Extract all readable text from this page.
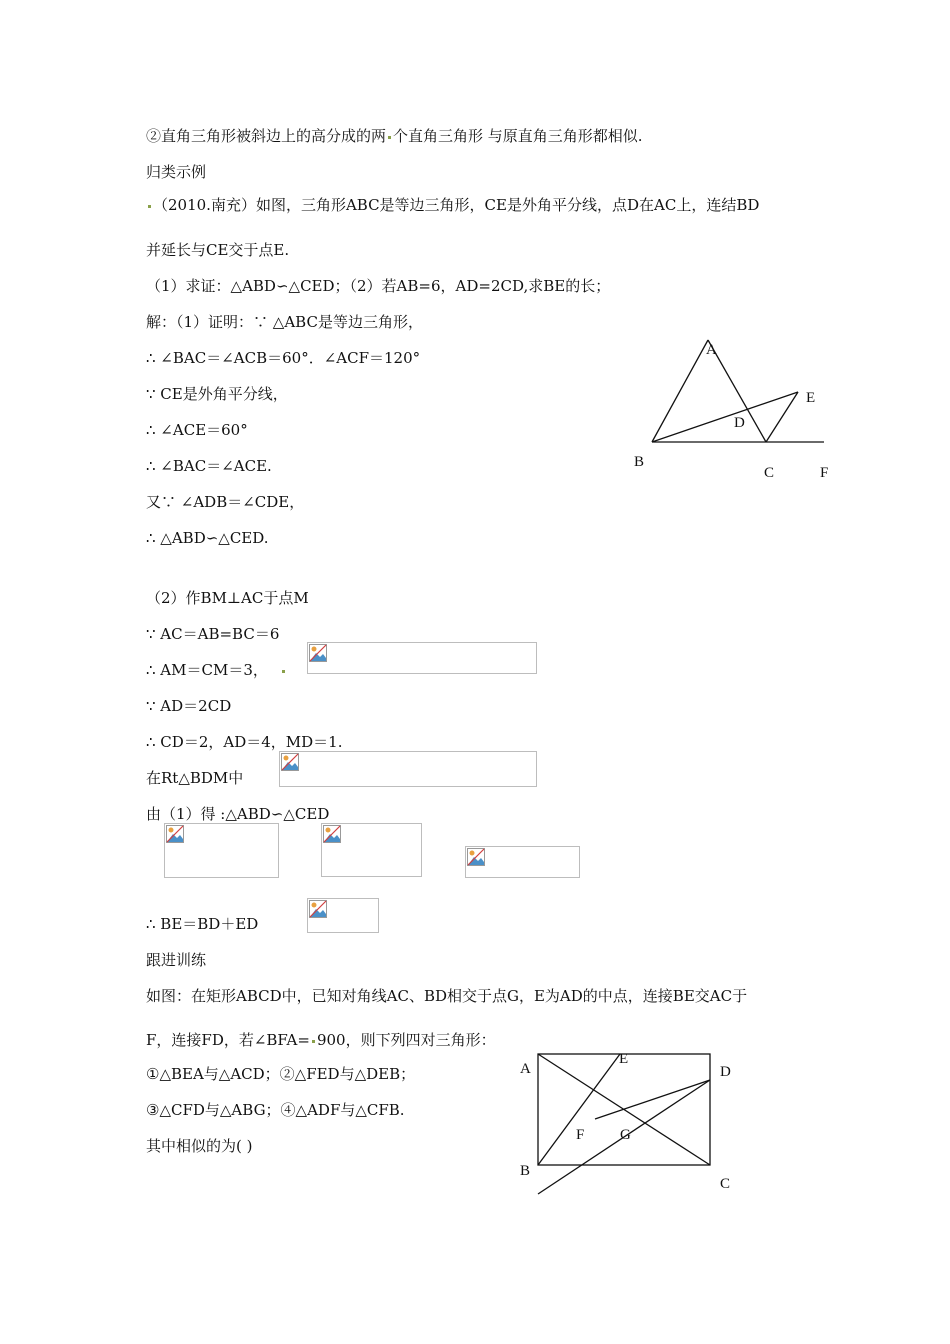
②直角三角形被斜边上的高分成的两 个直角三角形 与原直角三角形都相似.
归类示例
（2010.南充）如图，三角形ABC是等边三角形，CE是外角平分线，点D在AC上，连结BD
并延长与CE交于点E.
（1）求证：△ABD∽△CED；（2）若AB=6，AD=2CD,求BE的长；
解：（1）证明：∵ △ABC是等边三角形，
∴ ∠BAC＝∠ACB＝60°．∠ACF＝120°
∵ CE是外角平分线，
∴ ∠ACE＝60°
∴ ∠BAC＝∠ACE.
又∵ ∠ADB＝∠CDE，
∴ △ABD∽△CED.
（2）作BM⊥AC于点M
∵ AC＝AB=BC＝6
∴ AM＝CM＝3，
∵ AD＝2CD
∴ CD＝2，AD＝4，MD＝1.
在Rt△BDM中
由（1）得 :△ABD∽△CED
∴ BE＝BD＋ED
跟进训练
如图：在矩形ABCD中，已知对角线AC、BD相交于点G，E为AD的中点，连接BE交AC于
F，连接FD，若∠BFA= 900，则下列四对三角形：
①△BEA与△ACD；②△FED与△DEB；
③△CFD与△ABG；④△ADF与△CFB.
其中相似的为( )
A
B
C
D
E
F
A
B
C
D
E
F G
